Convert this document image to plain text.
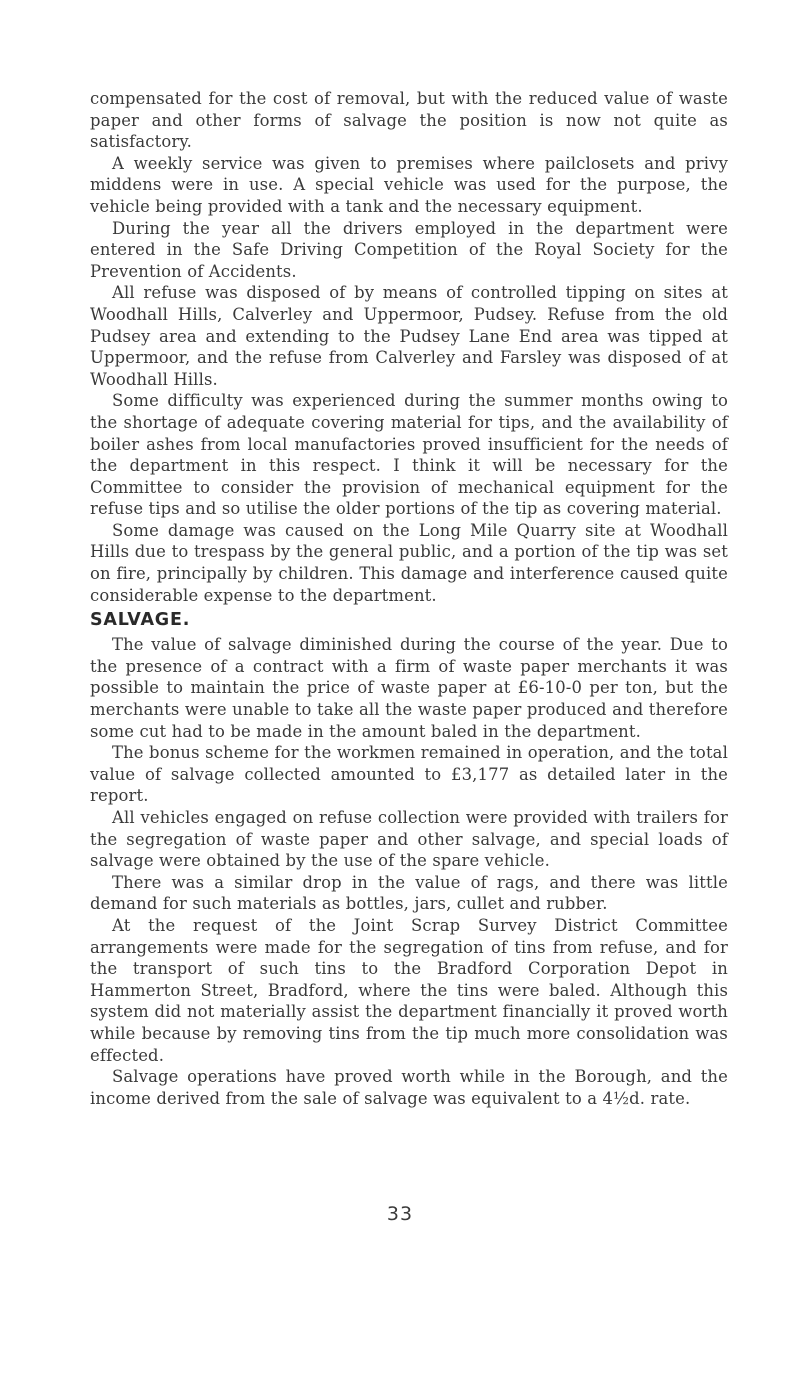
compensated for the cost of removal, but with the reduced value of waste paper and other forms of salvage the position is now not quite as satisfactory.

A weekly service was given to premises where pailclosets and privy middens were in use. A special vehicle was used for the purpose, the vehicle being provided with a tank and the necessary equipment.

During the year all the drivers employed in the department were entered in the Safe Driving Competition of the Royal Society for the Prevention of Accidents.

All refuse was disposed of by means of controlled tipping on sites at Woodhall Hills, Calverley and Uppermoor, Pudsey. Refuse from the old Pudsey area and extending to the Pudsey Lane End area was tipped at Uppermoor, and the refuse from Calverley and Farsley was disposed of at Woodhall Hills.

Some difficulty was experienced during the summer months owing to the shortage of adequate covering material for tips, and the availability of boiler ashes from local manufactories proved insufficient for the needs of the department in this respect. I think it will be necessary for the Committee to consider the provision of mechanical equipment for the refuse tips and so utilise the older portions of the tip as covering material.

Some damage was caused on the Long Mile Quarry site at Woodhall Hills due to trespass by the general public, and a portion of the tip was set on fire, principally by children. This damage and interference caused quite considerable expense to the department.

SALVAGE.

The value of salvage diminished during the course of the year. Due to the presence of a contract with a firm of waste paper merchants it was possible to maintain the price of waste paper at £6-10-0 per ton, but the merchants were unable to take all the waste paper produced and therefore some cut had to be made in the amount baled in the department.

The bonus scheme for the workmen remained in operation, and the total value of salvage collected amounted to £3,177 as detailed later in the report.

All vehicles engaged on refuse collection were provided with trailers for the segregation of waste paper and other salvage, and special loads of salvage were obtained by the use of the spare vehicle.

There was a similar drop in the value of rags, and there was little demand for such materials as bottles, jars, cullet and rubber.

At the request of the Joint Scrap Survey District Committee arrangements were made for the segregation of tins from refuse, and for the transport of such tins to the Bradford Corporation Depot in Hammerton Street, Bradford, where the tins were baled. Although this system did not materially assist the department financially it proved worth while because by removing tins from the tip much more consolidation was effected.

Salvage operations have proved worth while in the Borough, and the income derived from the sale of salvage was equivalent to a 4½d. rate.

33
